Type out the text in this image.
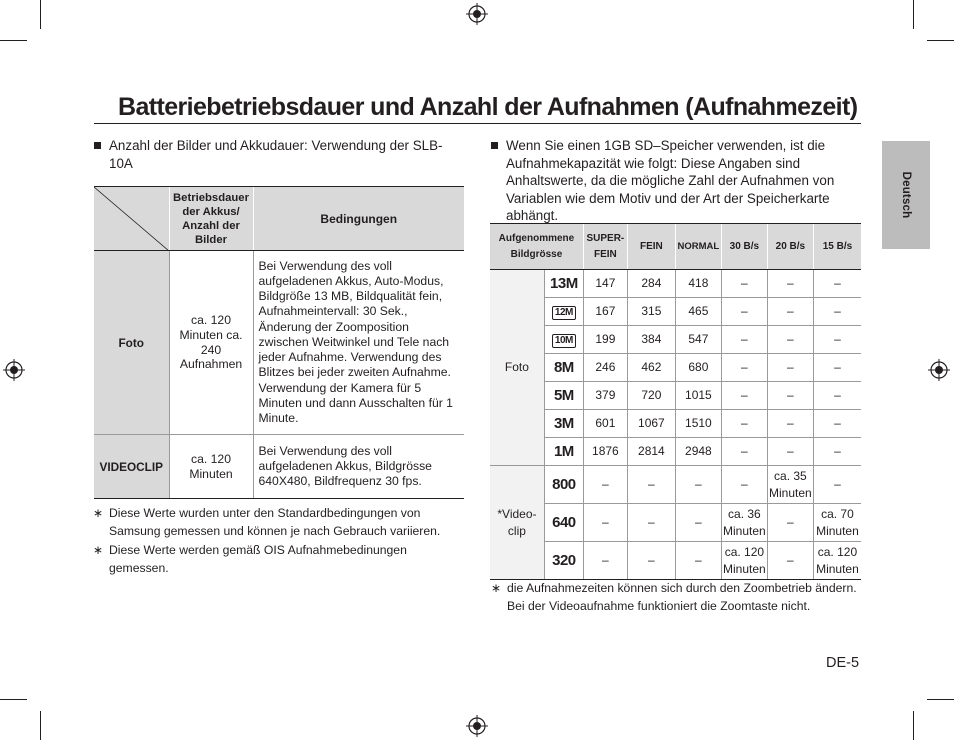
Batteriebetriebsdauer und Anzahl der Aufnahmen (Aufnahmezeit)
Anzahl der Bilder und Akkudauer: Verwendung der SLB-10A
	Betriebsdauer der Akkus/ Anzahl der Bilder	Bedingungen
Foto	ca. 120 Minuten ca. 240 Aufnahmen	Bei Verwendung des voll aufgeladenen Akkus, Auto-Modus, Bildgröße 13 MB, Bildqualität fein, Aufnahmeintervall: 30 Sek., Änderung der Zoomposition zwischen Weitwinkel und Tele nach jeder Aufnahme. Verwendung des Blitzes bei jeder zweiten Aufnahme. Verwendung der Kamera für 5 Minuten und dann Ausschalten für 1 Minute.
VIDEOCLIP	ca. 120 Minuten	Bei Verwendung des voll aufgeladenen Akkus, Bildgrösse 640X480, Bildfrequenz 30 fps.
∗ Diese Werte wurden unter den Standardbedingungen von Samsung gemessen und können je nach Gebrauch variieren.
∗ Diese Werte werden gemäß OIS Aufnahmebedinungen gemessen.
Wenn Sie einen 1GB SD–Speicher verwenden, ist die Aufnahmekapazität wie folgt: Diese Angaben sind Anhaltswerte, da die mögliche Zahl der Aufnahmen von Variablen wie dem Motiv und der Art der Speicherkarte abhängt.
Aufgenommene Bildgrösse		SUPER-FEIN	FEIN	NORMAL	30 B/s	20 B/s	15 B/s
Foto	13M	147	284	418	–	–	–
	12M	167	315	465	–	–	–
	10M	199	384	547	–	–	–
	8M	246	462	680	–	–	–
	5M	379	720	1015	–	–	–
	3M	601	1067	1510	–	–	–
	1M	1876	2814	2948	–	–	–
*Video-clip	800	–	–	–	–	ca. 35 Minuten	–
	640	–	–	–	ca. 36 Minuten	–	ca. 70 Minuten
	320	–	–	–	ca. 120 Minuten	–	ca. 120 Minuten
∗ die Aufnahmezeiten können sich durch den Zoombetrieb ändern. Bei der Videoaufnahme funktioniert die Zoomtaste nicht.
Deutsch
DE-5
